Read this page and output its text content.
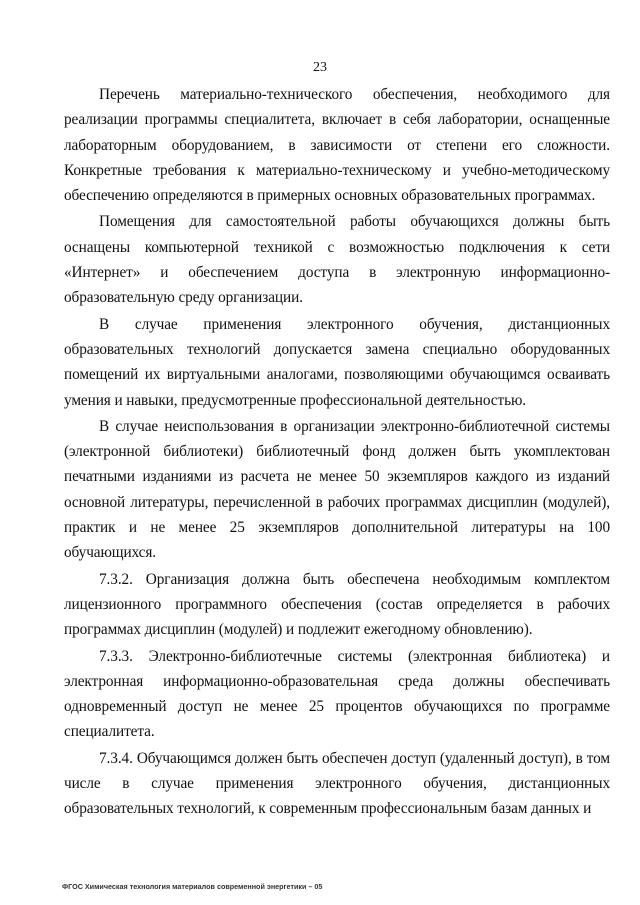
23

Перечень материально-технического обеспечения, необходимого для реализации программы специалитета, включает в себя лаборатории, оснащенные лабораторным оборудованием, в зависимости от степени его сложности. Конкретные требования к материально-техническому и учебно-методическому обеспечению определяются в примерных основных образовательных программах.

Помещения для самостоятельной работы обучающихся должны быть оснащены компьютерной техникой с возможностью подключения к сети «Интернет» и обеспечением доступа в электронную информационно-образовательную среду организации.

В случае применения электронного обучения, дистанционных образовательных технологий допускается замена специально оборудованных помещений их виртуальными аналогами, позволяющими обучающимся осваивать умения и навыки, предусмотренные профессиональной деятельностью.

В случае неиспользования в организации электронно-библиотечной системы (электронной библиотеки) библиотечный фонд должен быть укомплектован печатными изданиями из расчета не менее 50 экземпляров каждого из изданий основной литературы, перечисленной в рабочих программах дисциплин (модулей), практик и не менее 25 экземпляров дополнительной литературы на 100 обучающихся.

7.3.2. Организация должна быть обеспечена необходимым комплектом лицензионного программного обеспечения (состав определяется в рабочих программах дисциплин (модулей) и подлежит ежегодному обновлению).

7.3.3. Электронно-библиотечные системы (электронная библиотека) и электронная информационно-образовательная среда должны обеспечивать одновременный доступ не менее 25 процентов обучающихся по программе специалитета.

7.3.4. Обучающимся должен быть обеспечен доступ (удаленный доступ), в том числе в случае применения электронного обучения, дистанционных образовательных технологий, к современным профессиональным базам данных и

ФГОС Химическая технология материалов современной энергетики – 05
